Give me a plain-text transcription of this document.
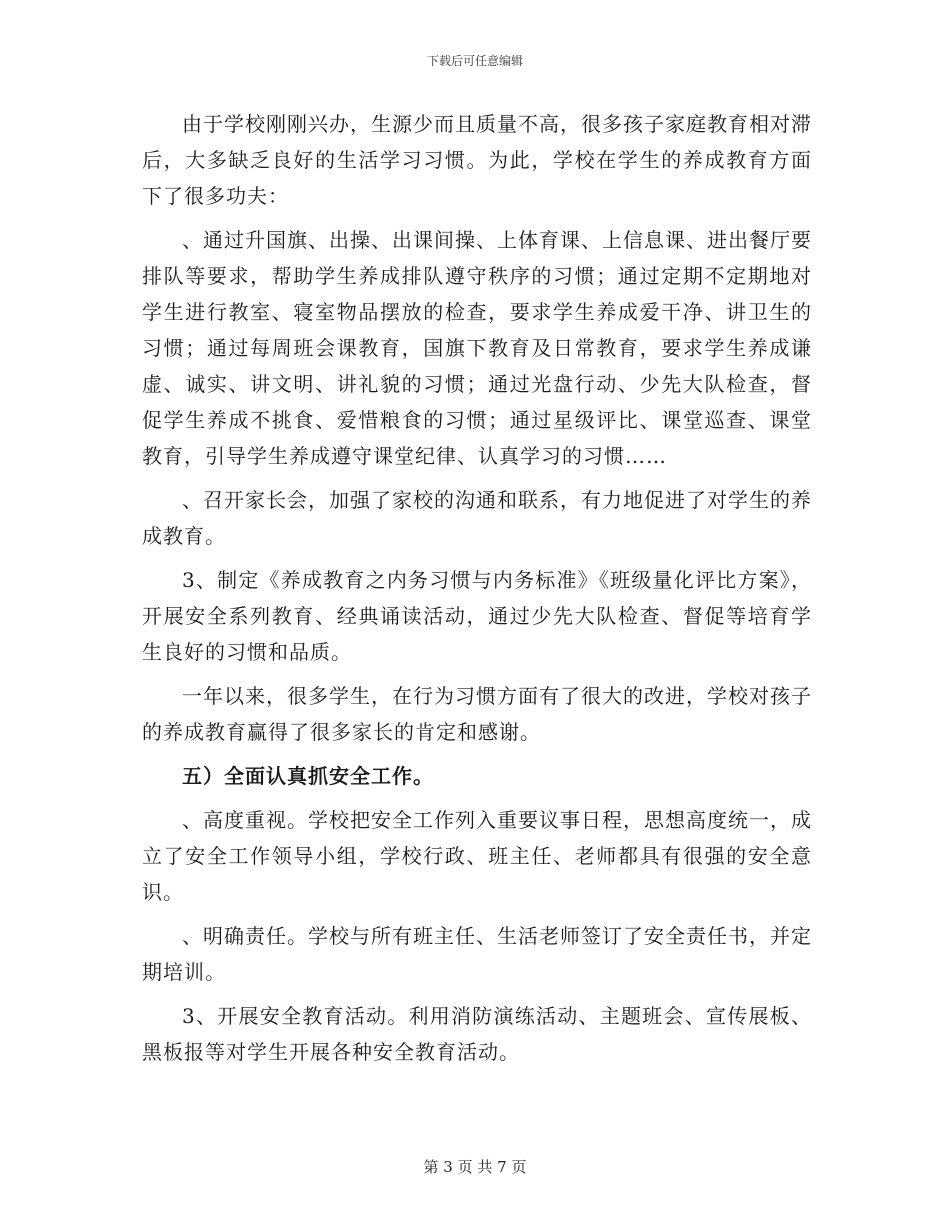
下载后可任意编辑

由于学校刚刚兴办，生源少而且质量不高，很多孩子家庭教育相对滞后，大多缺乏良好的生活学习习惯。为此，学校在学生的养成教育方面下了很多功夫：

、通过升国旗、出操、出课间操、上体育课、上信息课、进出餐厅要排队等要求，帮助学生养成排队遵守秩序的习惯；通过定期不定期地对学生进行教室、寝室物品摆放的检查，要求学生养成爱干净、讲卫生的习惯；通过每周班会课教育，国旗下教育及日常教育，要求学生养成谦虚、诚实、讲文明、讲礼貌的习惯；通过光盘行动、少先大队检查，督促学生养成不挑食、爱惜粮食的习惯；通过星级评比、课堂巡查、课堂教育，引导学生养成遵守课堂纪律、认真学习的习惯……

、召开家长会，加强了家校的沟通和联系，有力地促进了对学生的养成教育。

3、制定《养成教育之内务习惯与内务标准》《班级量化评比方案》，开展安全系列教育、经典诵读活动，通过少先大队检查、督促等培育学生良好的习惯和品质。

一年以来，很多学生，在行为习惯方面有了很大的改进，学校对孩子的养成教育赢得了很多家长的肯定和感谢。

五）全面认真抓安全工作。

、高度重视。学校把安全工作列入重要议事日程，思想高度统一，成立了安全工作领导小组，学校行政、班主任、老师都具有很强的安全意识。

、明确责任。学校与所有班主任、生活老师签订了安全责任书，并定期培训。

3、开展安全教育活动。利用消防演练活动、主题班会、宣传展板、黑板报等对学生开展各种安全教育活动。

第 3 页 共 7 页
